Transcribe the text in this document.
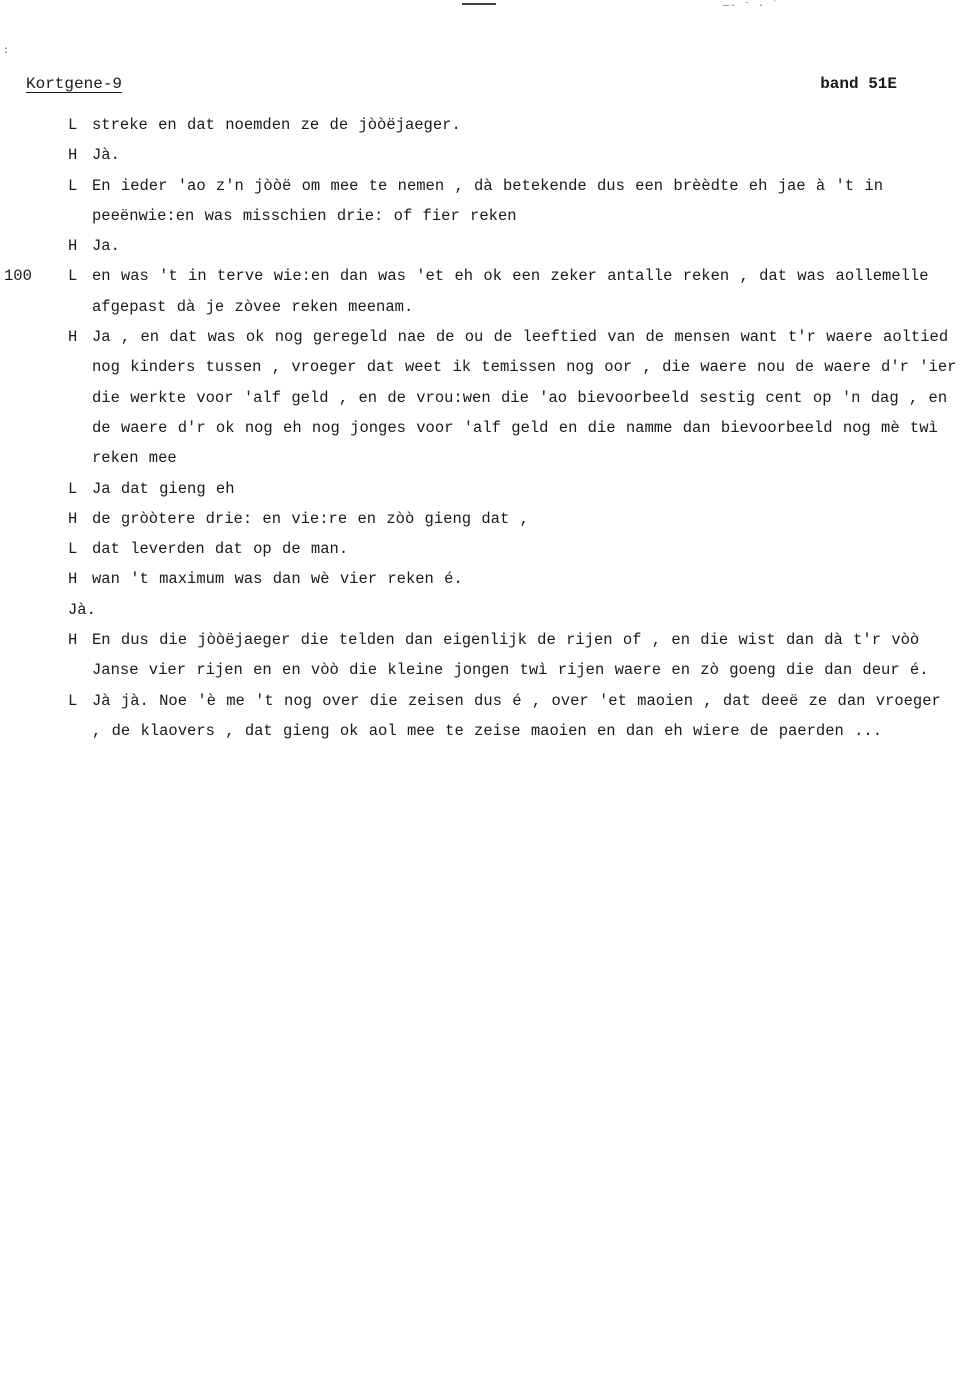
—- ⁻ · ˙
:
Kortgene-9	band 51E
L streke en dat noemden ze de jòòëjaeger.
H Jà.
L En ieder 'ao z'n jòòë om mee te nemen , dà betekende dus een brèèdte eh jae à 't in peeënwie:en was misschien drie: of fier reken
H Ja.
100 L en was 't in terve wie:en dan was 'et eh ok een zeker antalle reken , dat was aollemelle afgepast dà je zòvee reken meenam.
H Ja , en dat was ok nog geregeld nae de ou de leeftied van de mensen want t'r waere aoltied nog kinders tussen , vroeger dat weet ik temissen nog oor , die waere nou de waere d'r 'ier die werkte voor 'alf geld , en de vrou:wen die 'ao bievoorbeeld sestig cent op 'n dag , en de waere d'r ok nog eh nog jonges voor 'alf geld en die namme dan bievoorbeeld nog mè twì reken mee
L Ja dat gieng eh
H de gròòtere drie: en vie:re en zòò gieng dat ,
L dat leverden dat op de man.
H wan 't maximum was dan wè vier reken é.
Jà.
H En dus die jòòëjaeger die telden dan eigenlijk de rijen of , en die wist dan dà t'r vòò Janse vier rijen en en vòò die kleine jongen twì rijen waere en zò goeng die dan deur é.
L Jà jà. Noe 'è me 't nog over die zeisen dus é , over 'et maoien , dat deeë ze dan vroeger , de klaovers , dat gieng ok aol mee te zeise maoien en dan eh wiere de paerden ...
